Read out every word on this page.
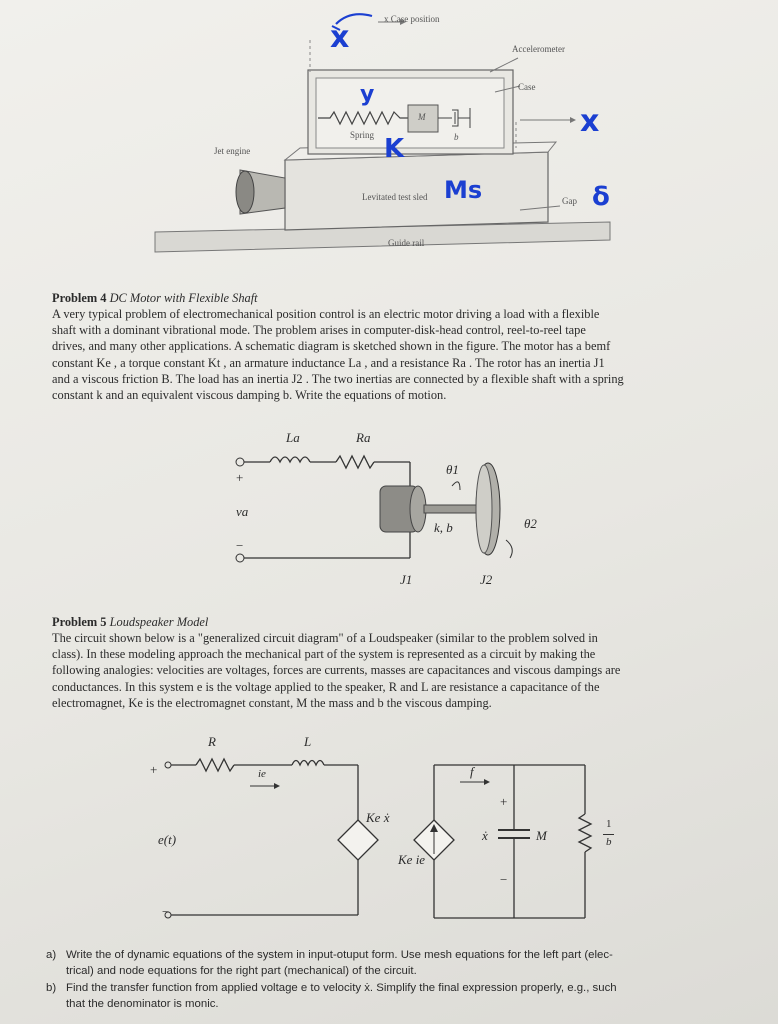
x Case position
Accelerometer
Case
Jet engine
Spring
M
b
Levitated test sled	Gap
Guide rail
x
y
K
Ms
x
δ
Problem 4 DC Motor with Flexible Shaft
A very typical problem of electromechanical position control is an electric motor driving a load with a flexible
shaft with a dominant vibrational mode. The problem arises in computer-disk-head control, reel-to-reel tape
drives, and many other applications. A schematic diagram is sketched shown in the figure. The motor has a bemf
constant Ke , a torque constant Kt , an armature inductance La , and a resistance Ra . The rotor has an inertia J1
and a viscous friction B. The load has an inertia J2 . The two inertias are connected by a flexible shaft with a spring
constant k and an equivalent viscous damping b. Write the equations of motion.
La	Ra
va
+
−
θ1
k, b	θ2
J1	J2
Problem 5 Loudspeaker Model
The circuit shown below is a "generalized circuit diagram" of a Loudspeaker (similar to the problem solved in
class). In these modeling approach the mechanical part of the system is represented as a circuit by making the
following analogies: velocities are voltages, forces are currents, masses are capacitances and viscous dampings are
conductances. In this system e is the voltage applied to the speaker, R and L are resistance a capacitance of the
electromagnet, Ke is the electromagnet constant, M the mass and b the viscous damping.
R	L
+	ie
e(t)
−
Ke ẋ
Ke ie
f
+
ẋ	M
−
1
b
a) Write the of dynamic equations of the system in input-otuput form. Use mesh equations for the left part (elec-
trical) and node equations for the right part (mechanical) of the circuit.
b) Find the transfer function from applied voltage e to velocity ẋ. Simplify the final expression properly, e.g., such
that the denominator is monic.
